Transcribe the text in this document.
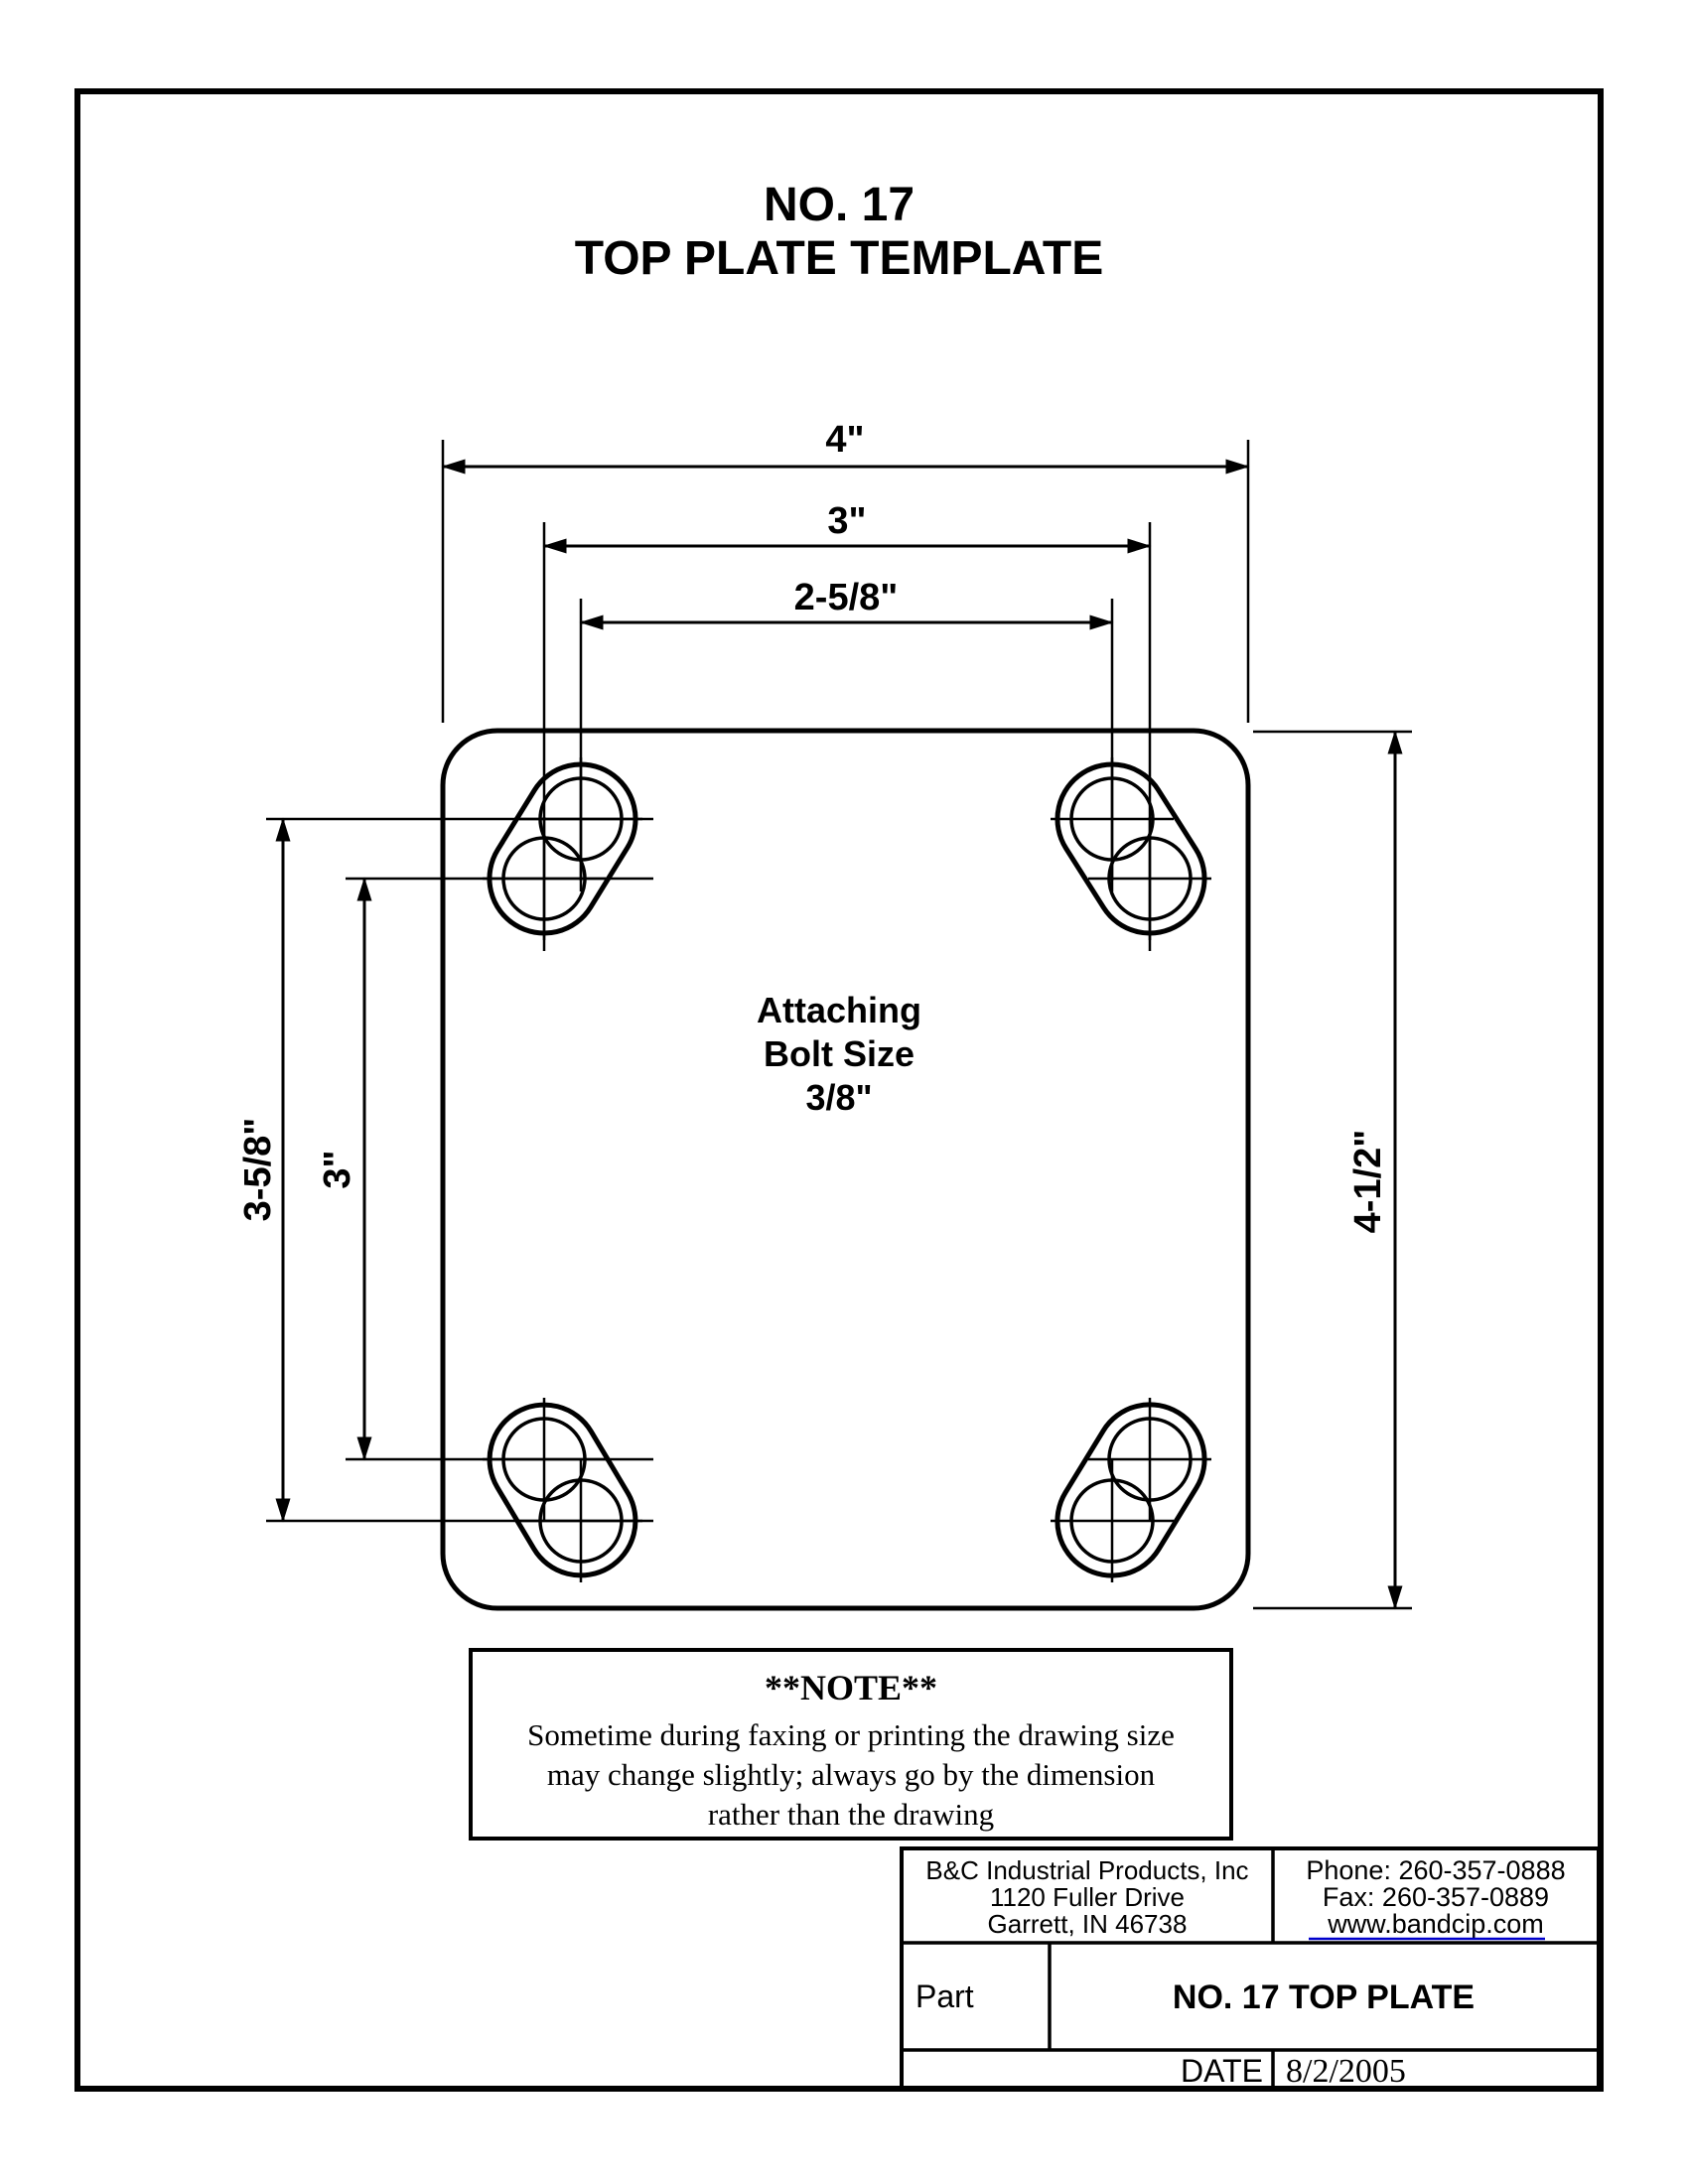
NO. 17
TOP PLATE TEMPLATE
4"
3"
2-5/8"
3-5/8" 3"	4-1/2"
Attaching
Bolt Size
3/8"
**NOTE**
Sometime during faxing or printing the drawing size
may change slightly; always go by the dimension
rather than the drawing
B&C Industrial Products, Inc
1120 Fuller Drive
Garrett, IN 46738
Phone: 260-357-0888
Fax: 260-357-0889
www.bandcip.com
Part	NO. 17 TOP PLATE
DATE 8/2/2005
